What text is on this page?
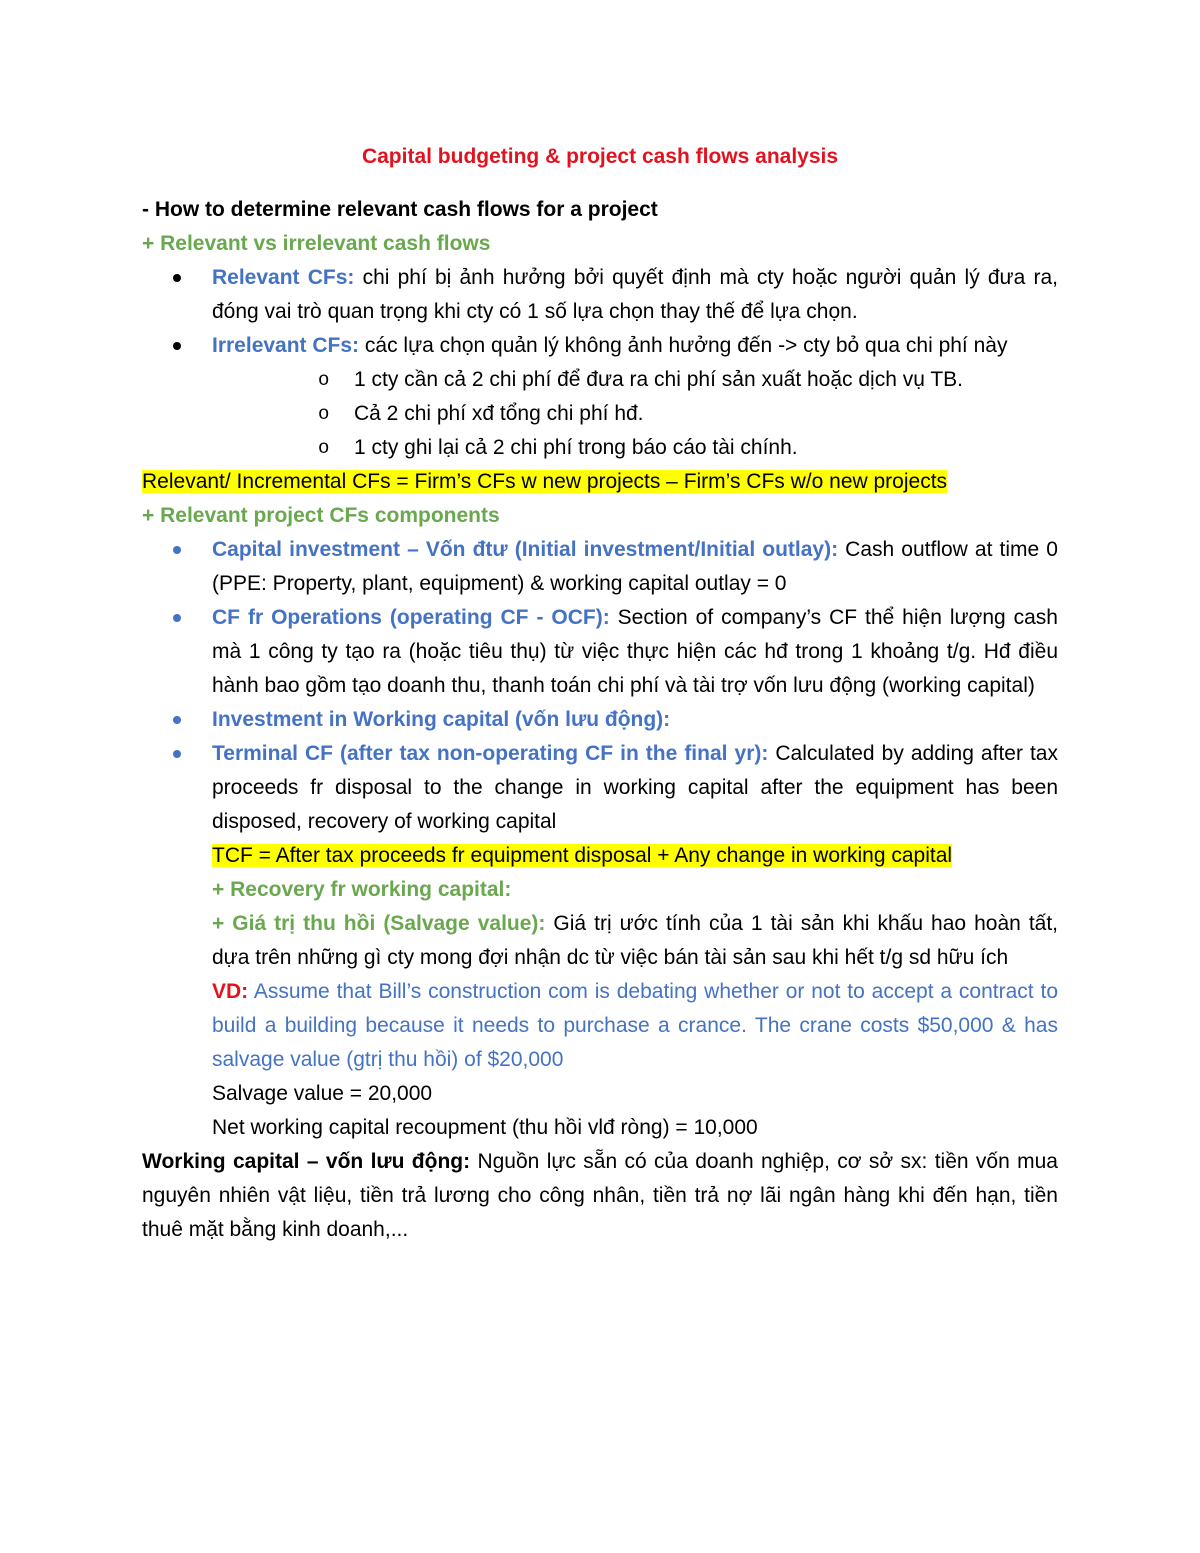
Capital budgeting & project cash flows analysis

- How to determine relevant cash flows for a project

+ Relevant vs irrelevant cash flows

Relevant CFs: chi phí bị ảnh hưởng bởi quyết định mà cty hoặc người quản lý đưa ra, đóng vai trò quan trọng khi cty có 1 số lựa chọn thay thế để lựa chọn.
Irrelevant CFs: các lựa chọn quản lý không ảnh hưởng đến -> cty bỏ qua chi phí này
o 1 cty cần cả 2 chi phí để đưa ra chi phí sản xuất hoặc dịch vụ TB.
o Cả 2 chi phí xđ tổng chi phí hđ.
o 1 cty ghi lại cả 2 chi phí trong báo cáo tài chính.

Relevant/ Incremental CFs = Firm’s CFs w new projects – Firm’s CFs w/o new projects

+ Relevant project CFs components

Capital investment – Vốn đtư (Initial investment/Initial outlay): Cash outflow at time 0 (PPE: Property, plant, equipment) & working capital outlay = 0
CF fr Operations (operating CF - OCF): Section of company’s CF thể hiện lượng cash mà 1 công ty tạo ra (hoặc tiêu thụ) từ việc thực hiện các hđ trong 1 khoảng t/g. Hđ điều hành bao gồm tạo doanh thu, thanh toán chi phí và tài trợ vốn lưu động (working capital)
Investment in Working capital (vốn lưu động):
Terminal CF (after tax non-operating CF in the final yr): Calculated by adding after tax proceeds fr disposal to the change in working capital after the equipment has been disposed, recovery of working capital

TCF = After tax proceeds fr equipment disposal + Any change in working capital

+ Recovery fr working capital:

+ Giá trị thu hồi (Salvage value): Giá trị ước tính của 1 tài sản khi khấu hao hoàn tất, dựa trên những gì cty mong đợi nhận dc từ việc bán tài sản sau khi hết t/g sd hữu ích

VD: Assume that Bill’s construction com is debating whether or not to accept a contract to build a building because it needs to purchase a crance. The crane costs $50,000 & has salvage value (gtrị thu hồi) of $20,000

Salvage value = 20,000

Net working capital recoupment (thu hồi vlđ ròng) = 10,000

Working capital – vốn lưu động: Nguồn lực sẵn có của doanh nghiệp, cơ sở sx: tiền vốn mua nguyên nhiên vật liệu, tiền trả lương cho công nhân, tiền trả nợ lãi ngân hàng khi đến hạn, tiền thuê mặt bằng kinh doanh,...
